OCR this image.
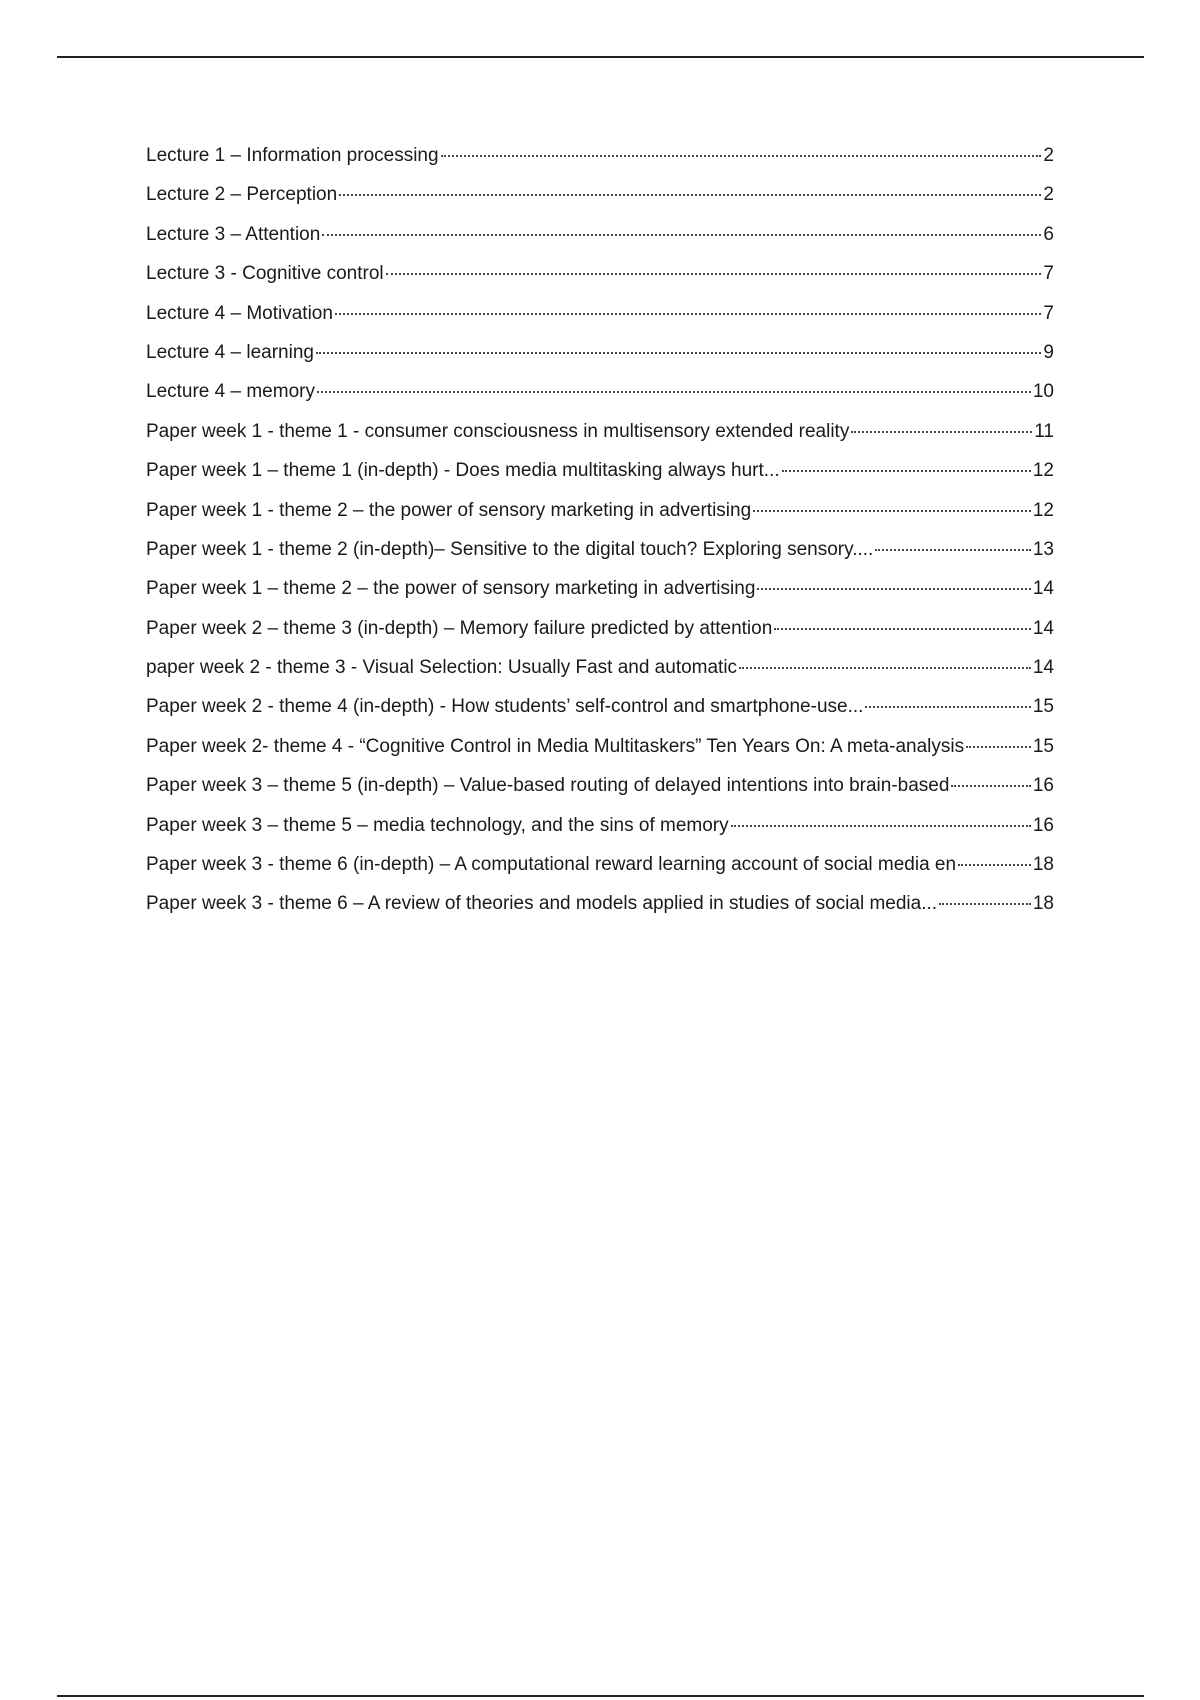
Lecture 1 – Information processing	2
Lecture 2 – Perception	2
Lecture 3 – Attention	6
Lecture 3 - Cognitive control	7
Lecture 4 – Motivation	7
Lecture 4 – learning	9
Lecture 4 – memory	10
Paper week 1 - theme 1 - consumer consciousness in multisensory extended reality	11
Paper week 1 – theme 1 (in-depth) - Does media multitasking always hurt...	12
Paper week 1 - theme 2 – the power of sensory marketing in advertising	12
Paper week 1 - theme 2 (in-depth)– Sensitive to the digital touch? Exploring sensory....	13
Paper week 1 – theme 2 – the power of sensory marketing in advertising	14
Paper week 2 – theme 3 (in-depth) – Memory failure predicted by attention	14
paper week 2 - theme 3 - Visual Selection: Usually Fast and automatic	14
Paper week 2 - theme 4 (in-depth) - How students’ self-control and smartphone-use...	15
Paper week 2- theme 4 - “Cognitive Control in Media Multitaskers” Ten Years On: A meta-analysis	15
Paper week 3 – theme 5 (in-depth) – Value-based routing of delayed intentions into brain-based	16
Paper week 3 – theme 5 – media technology, and the sins of memory	16
Paper week 3 - theme 6 (in-depth) – A computational reward learning account of social media en	18
Paper week 3 - theme 6 – A review of theories and models applied in studies of social media...	18
